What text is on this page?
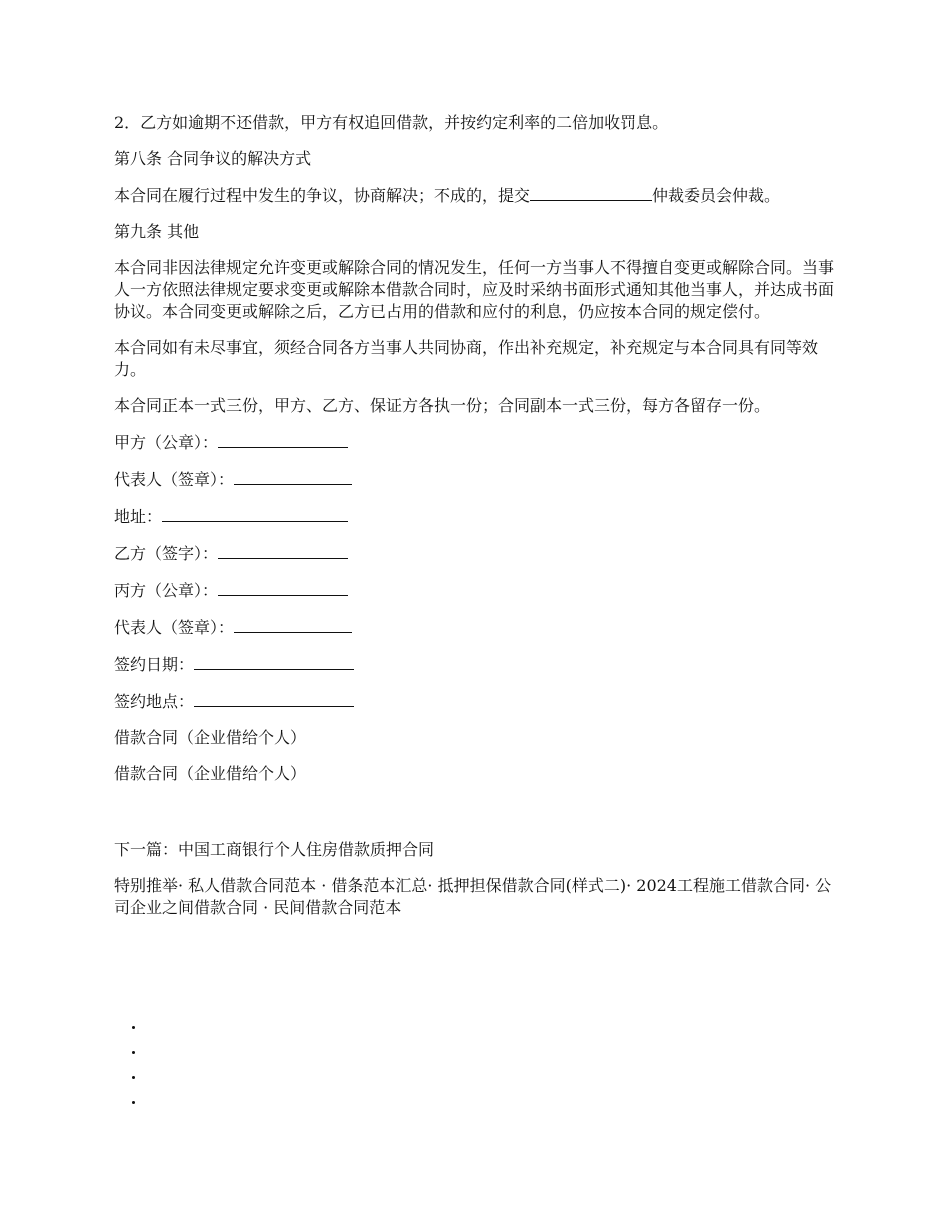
2．乙方如逾期不还借款，甲方有权追回借款，并按约定利率的二倍加收罚息。

第八条 合同争议的解决方式

本合同在履行过程中发生的争议，协商解决；不成的，提交	仲裁委员会仲裁。

第九条 其他

本合同非因法律规定允许变更或解除合同的情况发生，任何一方当事人不得擅自变更或解除合同。当事人一方依照法律规定要求变更或解除本借款合同时，应及时采纳书面形式通知其他当事人，并达成书面协议。本合同变更或解除之后，乙方已占用的借款和应付的利息，仍应按本合同的规定偿付。

本合同如有未尽事宜，须经合同各方当事人共同协商，作出补充规定，补充规定与本合同具有同等效力。

本合同正本一式三份，甲方、乙方、保证方各执一份；合同副本一式三份，每方各留存一份。

甲方（公章）：

代表人（签章）：

地址：

乙方（签字）：

丙方（公章）：

代表人（签章）：

签约日期：

签约地点：

借款合同（企业借给个人）

借款合同（企业借给个人）

下一篇：中国工商银行个人住房借款质押合同

特别推举· 私人借款合同范本 · 借条范本汇总· 抵押担保借款合同(样式二)· 2024工程施工借款合同· 公司企业之间借款合同 · 民间借款合同范本
